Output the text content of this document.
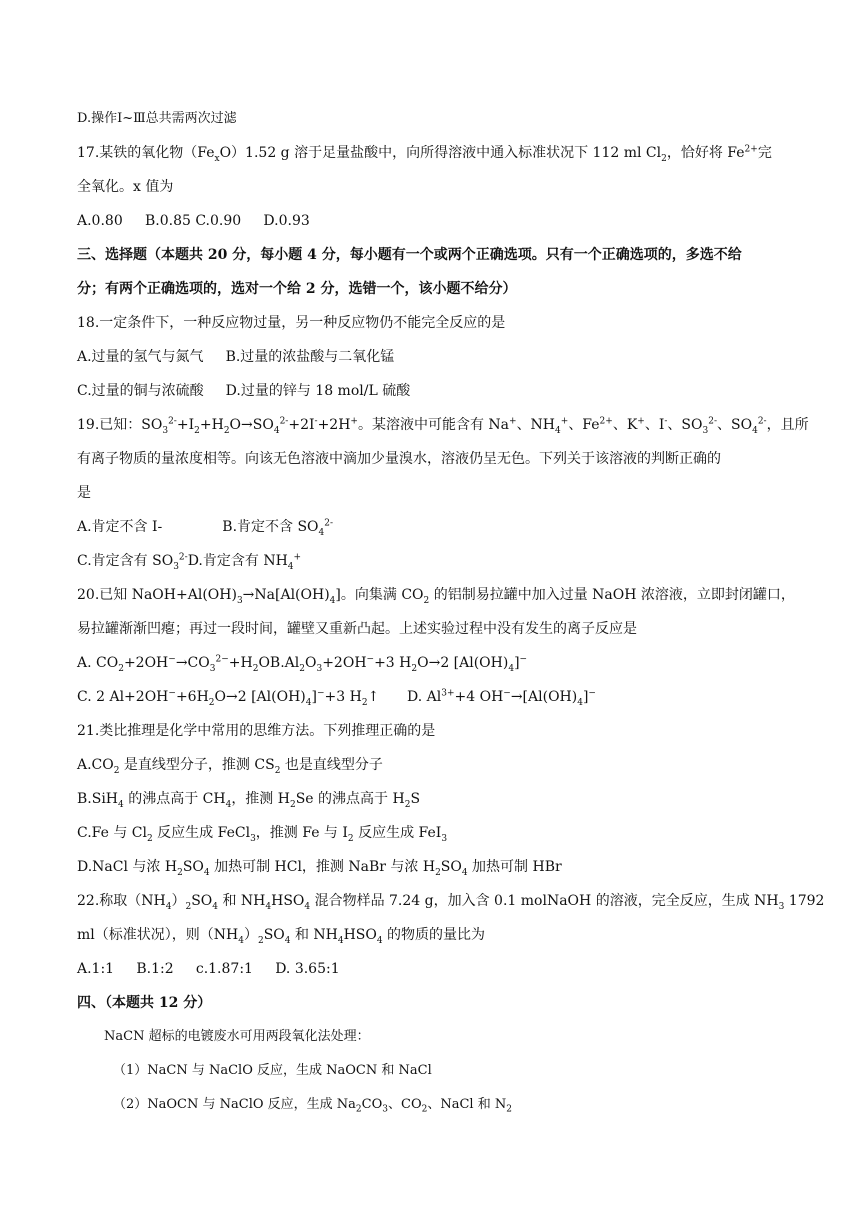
D.操作Ⅰ~Ⅲ总共需两次过滤
17.某铁的氧化物$(Fe_xO)1.52$ g 溶于足量盐酸中，向所得溶液中通入标准状况下 112 ml $Cl_2$，恰好将 $Fe^{2+}$完
全氧化。x 值为
A.0.80     B.0.85 C.0.90     D.0.93
三、选择题（本题共 20 分，每小题 4 分，每小题有一个或两个正确选项。只有一个正确选项的，多选不给
分；有两个正确选项的，选对一个给 2 分，选错一个，该小题不给分）
18.一定条件下，一种反应物过量，另一种反应物仍不能完全反应的是
A.过量的氢气与氮气 B.过量的浓盐酸与二氧化锰
C.过量的铜与浓硫酸 D.过量的锌与 18 mol/L 硫酸
19.已知：$SO_3^{2-}+I_2+H_2O\to SO_4^{2-}+2I^-+2H^+$。某溶液中可能含有 Na+、$NH_4^+$、$Fe^{2+}$、K+、I-、$SO_3^{2-}$、$SO_4^{2-}$，且所
有离子物质的量浓度相等。向该无色溶液中滴加少量溴水，溶液仍呈无色。下列关于该溶液的判断正确的
是
A.肯定不含 I-	B.肯定不含 $SO_4^{2-}$
C.肯定含有 $SO_3^{2-}D$.肯定含有 $NH_4^+$
20.已知 $NaOH+Al(OH)_3\to Na[Al(OH)_4]$。向集满 $CO_2$ 的铝制易拉罐中加入过量 NaOH 浓溶液，立即封闭罐口，
易拉罐渐渐凹瘪；再过一段时间，罐壁又重新凸起。上述实验过程中没有发生的离子反应是
A. $CO_2+2OH^-\to CO_3^{2-}+H_2OB.Al_2O_3+2OH^-+3$ $H_2O\to 2$ $[Al(OH)_4]^-$
C. 2 $Al+2OH^-+6H_2O\to 2$ $[Al(OH)_4]^-+3$ $H_2↑$ D. $Al^{3+}+4$ $OH^-\to[Al(OH)_4]^-$
21.类比推理是化学中常用的思维方法。下列推理正确的是
$A.CO_2$ 是直线型分子，推测 $CS_2$ 也是直线型分子
B.SiH$_4$ 的沸点高于 $CH_4$，推测 $H_2Se$ 的沸点高于 $H_2S$
C.Fe 与 $Cl_2$ 反应生成 FeCl$_3$，推测 Fe 与 $I_2$ 反应生成 FeI$_3$
D.NaCl 与浓 $H_2SO_4$ 加热可制 HCl，推测 NaBr 与浓 $H_2SO_4$ 加热可制 HBr
22.称取$(NH_4)_2SO_4$ 和 $NH_4HSO_4$ 混合物样品 7.24 g，加入含 0.1 molNaOH 的溶液，完全反应，生成 $NH_3$ 1792
ml（标准状况），则$(NH_4)_2SO_4$ 和 $NH_4HSO_4$ 的物质的量比为
A.1:1     B.1:2     c.1.87:1     D. 3.65:1
四、（本题共 12 分）
NaCN 超标的电镀废水可用两段氧化法处理：
（1）NaCN 与 NaClO 反应，生成 NaOCN 和 NaCl
（2）NaOCN 与 NaClO 反应，生成 $Na_2CO_3$、$CO_2$、NaCl 和 $N_2$
